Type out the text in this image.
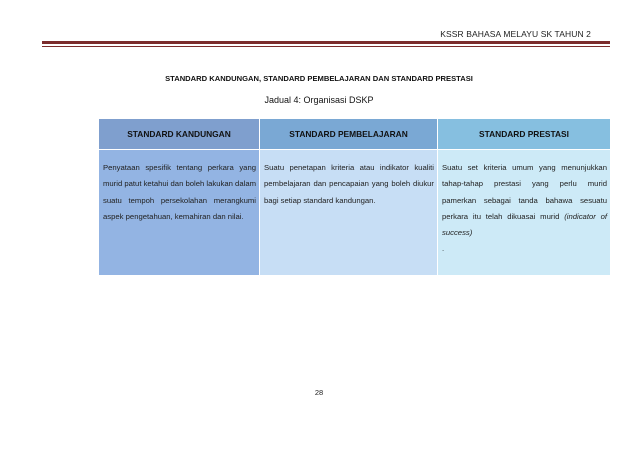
KSSR BAHASA MELAYU SK TAHUN 2
STANDARD KANDUNGAN, STANDARD PEMBELAJARAN DAN STANDARD PRESTASI
Jadual 4: Organisasi DSKP
STANDARD KANDUNGAN	STANDARD PEMBELAJARAN	STANDARD PRESTASI
Penyataan spesifik tentang perkara yang murid patut ketahui dan boleh lakukan dalam suatu tempoh persekolahan merangkumi aspek pengetahuan, kemahiran dan nilai.	Suatu penetapan kriteria atau indikator kualiti pembelajaran dan pencapaian yang boleh diukur bagi setiap standard kandungan.	Suatu set kriteria umum yang menunjukkan tahap-tahap prestasi yang perlu murid pamerkan sebagai tanda bahawa sesuatu perkara itu telah dikuasai murid (indicator of success)
.
28
